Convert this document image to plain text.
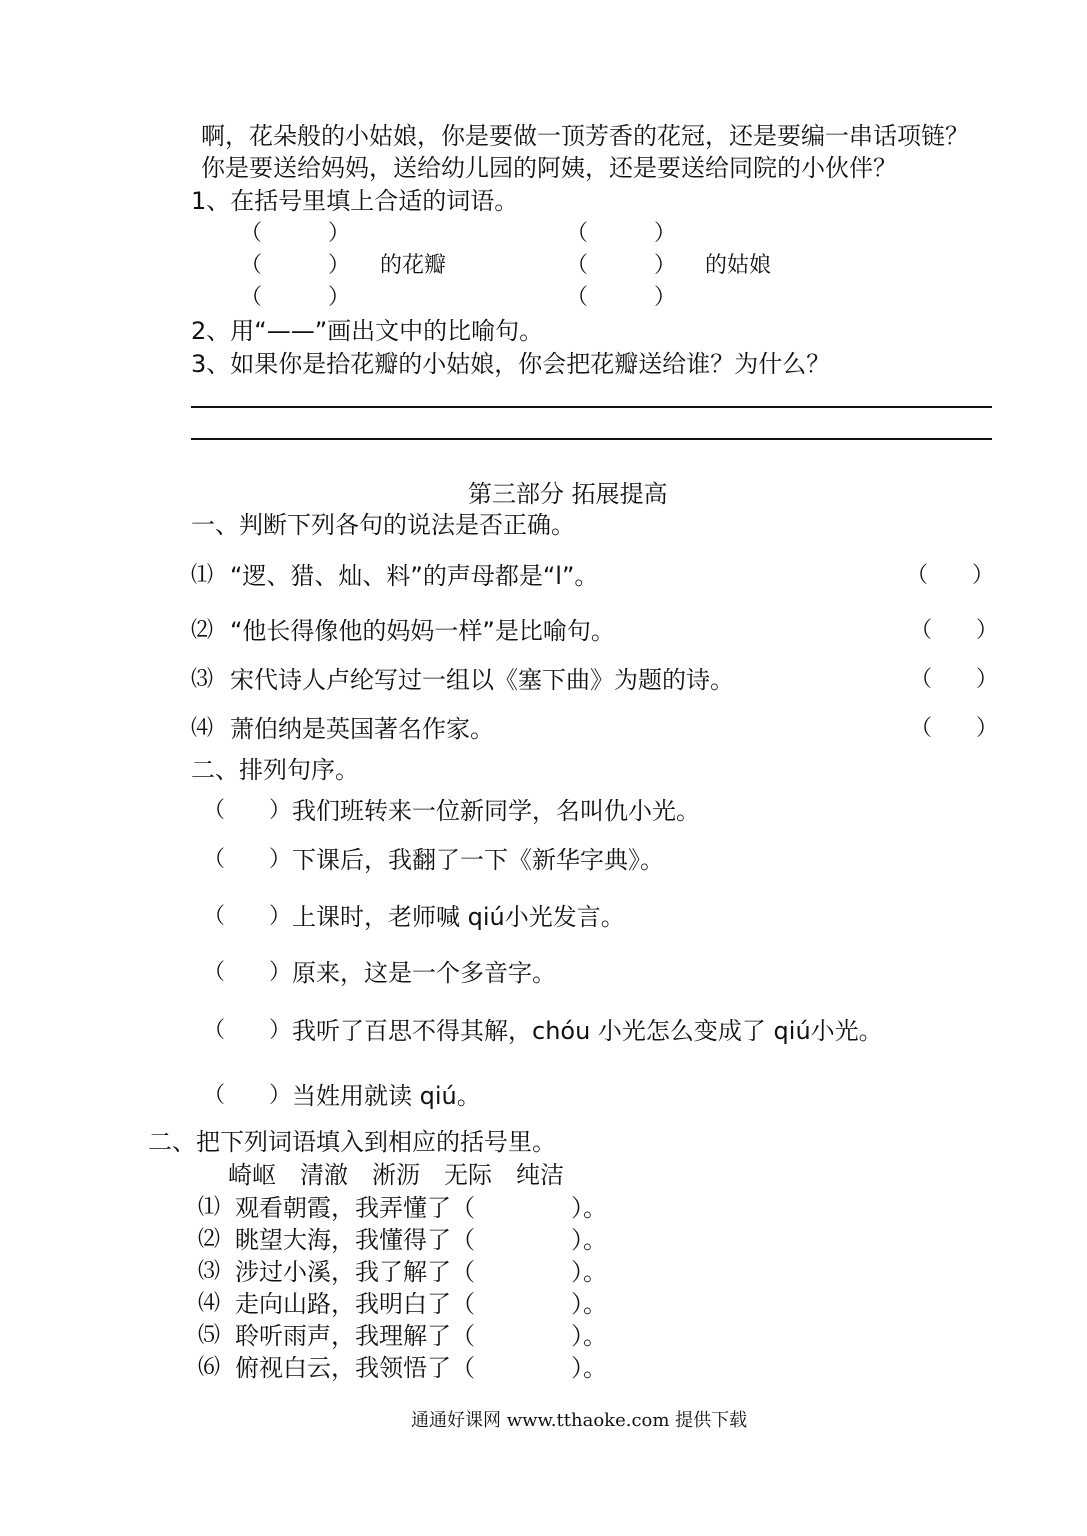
啊，花朵般的小姑娘，你是要做一顶芳香的花冠，还是要编一串话项链？
你是要送给妈妈，送给幼儿园的阿姨，还是要送给同院的小伙伴？
1、在括号里填上合适的词语。
（　　　）	（　　　）
（　　　） 的花瓣	（　　　） 的姑娘
（　　　）	（　　　）
2、用“——”画出文中的比喻句。
3、如果你是拾花瓣的小姑娘，你会把花瓣送给谁？为什么？
第三部分 拓展提高
一、判断下列各句的说法是否正确。
⑴ “逻、猎、灿、料”的声母都是“l”。	（　　）
⑵ “他长得像他的妈妈一样”是比喻句。	（　　）
⑶ 宋代诗人卢纶写过一组以《塞下曲》为题的诗。	（　　）
⑷ 萧伯纳是英国著名作家。	（　　）
二、排列句序。
（　　） 我们班转来一位新同学，名叫仇小光。
（　　） 下课后，我翻了一下《新华字典》。
（　　） 上课时，老师喊 qiú小光发言。
（　　） 原来，这是一个多音字。
（　　） 我听了百思不得其解，chóu 小光怎么变成了 qiú小光。
（　　） 当姓用就读 qiú。
二、把下列词语填入到相应的括号里。
崎岖　清澈　淅沥　无际　纯洁
⑴ 观看朝霞，我弄懂了（　　　　）。
⑵ 眺望大海，我懂得了（　　　　）。
⑶ 涉过小溪，我了解了（　　　　）。
⑷ 走向山路，我明白了（　　　　）。
⑸ 聆听雨声，我理解了（　　　　）。
⑹ 俯视白云，我领悟了（　　　　）。
通通好课网 www.tthaoke.com 提供下载
